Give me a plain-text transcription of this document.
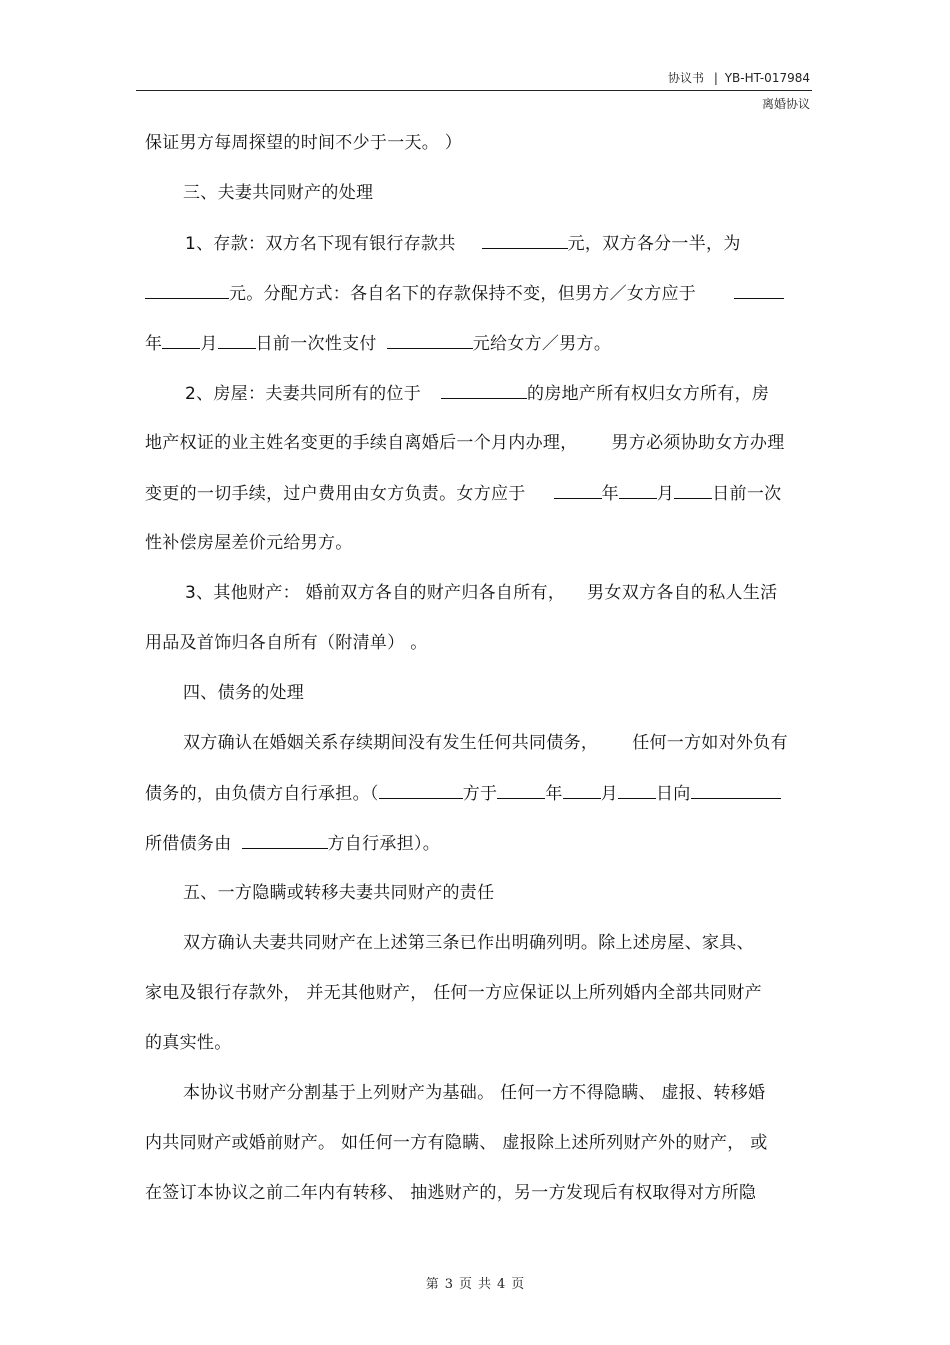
协议书 | YB-HT-017984
离婚协议
保证男方每周探望的时间不少于一天。 ）
三、夫妻共同财产的处理
1、存款：双方名下现有银行存款共	元，双方各分一半，为
元。分配方式：各自名下的存款保持不变，但男方／女方应于
年 月 日前一次性支付	元给女方／男方。
2、房屋：夫妻共同所有的位于	的房地产所有权归女方所有，房
地产权证的业主姓名变更的手续自离婚后一个月内办理， 男方必须协助女方办理
变更的一切手续，过户费用由女方负责。女方应于	年 月 日前一次
性补偿房屋差价元给男方。
3、其他财产： 婚前双方各自的财产归各自所有， 男女双方各自的私人生活
用品及首饰归各自所有（附清单） 。
四、债务的处理
双方确认在婚姻关系存续期间没有发生任何共同债务， 任何一方如对外负有
债务的，由负债方自行承担。（	方于	年 月 日向
所借债务由	方自行承担）。
五、一方隐瞒或转移夫妻共同财产的责任
双方确认夫妻共同财产在上述第三条已作出明确列明。除上述房屋、家具、
家电及银行存款外， 并无其他财产， 任何一方应保证以上所列婚内全部共同财产
的真实性。
本协议书财产分割基于上列财产为基础。 任何一方不得隐瞒、 虚报、转移婚
内共同财产或婚前财产。 如任何一方有隐瞒、 虚报除上述所列财产外的财产， 或
在签订本协议之前二年内有转移、 抽逃财产的，另一方发现后有权取得对方所隐
第 3 页 共 4 页
